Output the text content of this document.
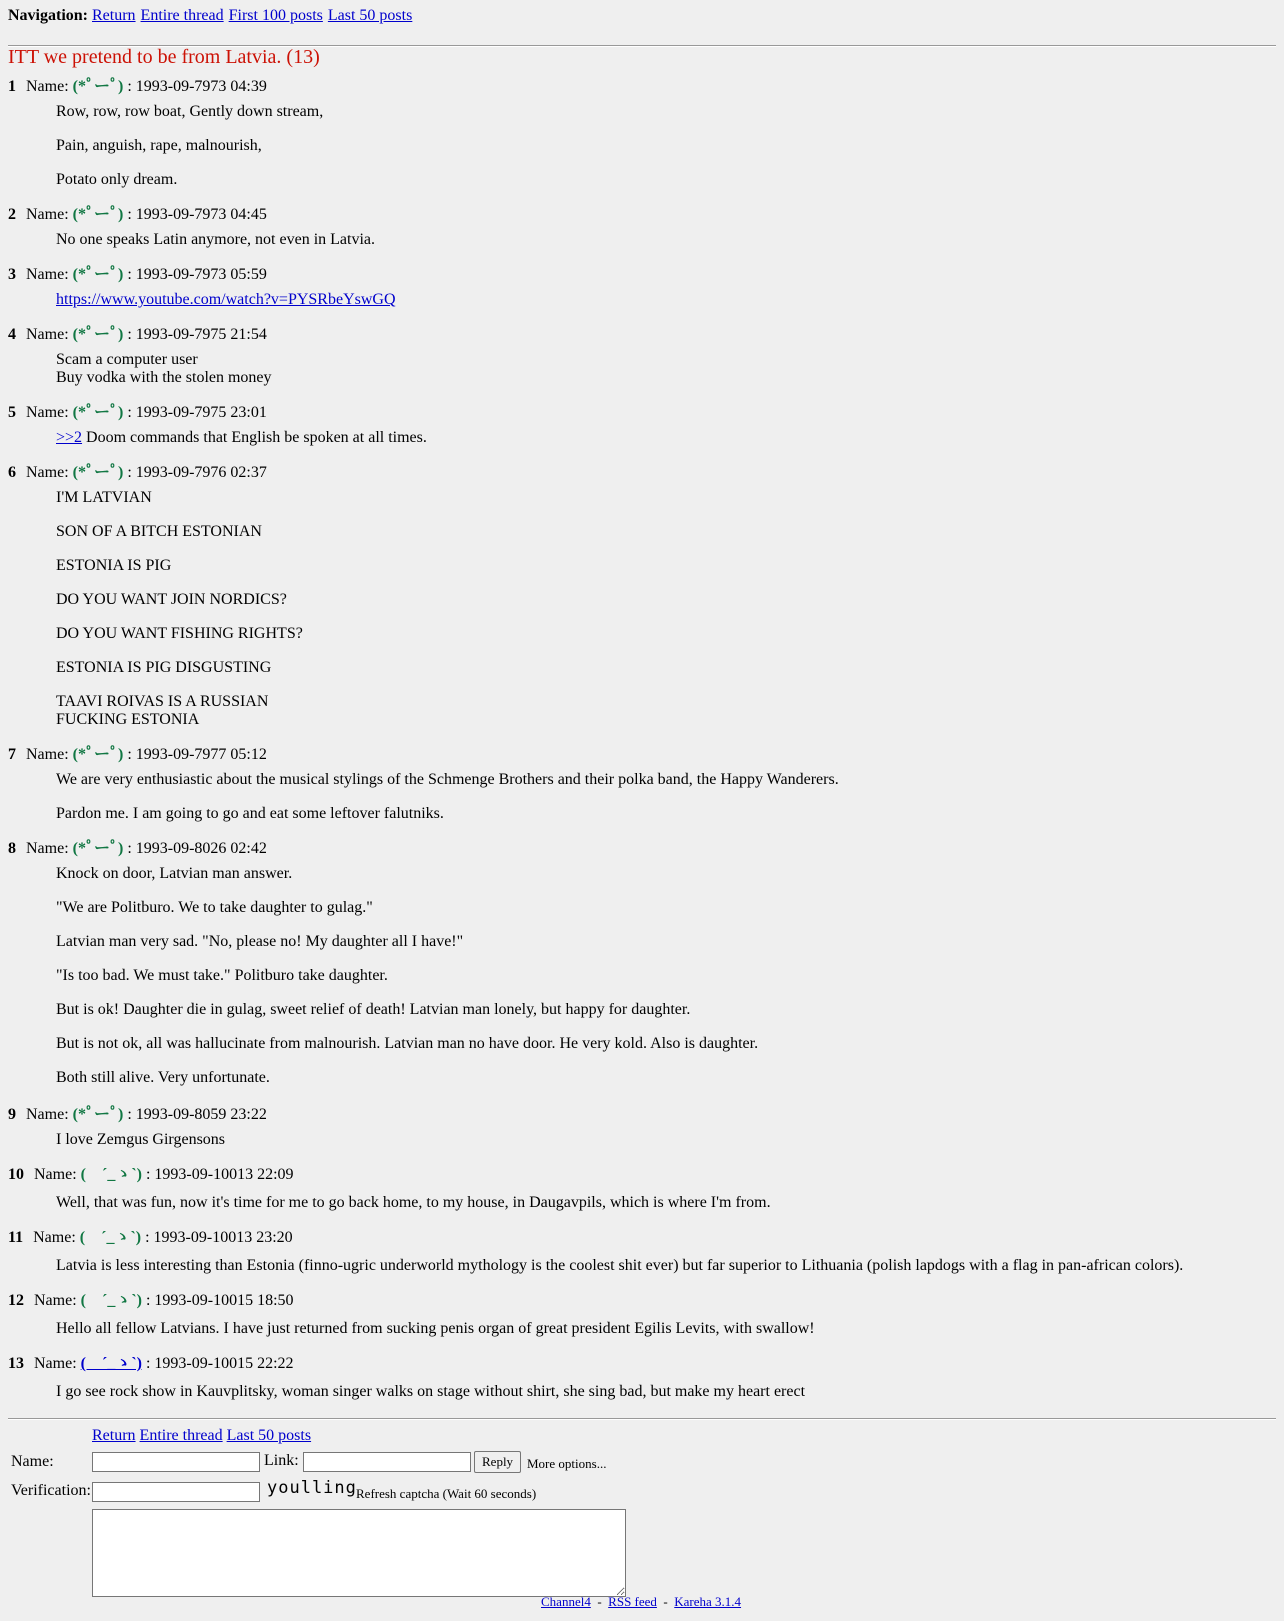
Navigation: Return Entire thread First 100 posts Last 50 posts
ITT we pretend to be from Latvia. (13)
1 Name: (*ﾟーﾟ) : 1993-09-7973 04:39

Row, row, row boat, Gently down stream,

Pain, anguish, rape, malnourish,

Potato only dream.

2 Name: (*ﾟーﾟ) : 1993-09-7973 04:45

No one speaks Latin anymore, not even in Latvia.

3 Name: (*ﾟーﾟ) : 1993-09-7973 05:59

https://www.youtube.com/watch?v=PYSRbeYswGQ

4 Name: (*ﾟーﾟ) : 1993-09-7975 21:54

Scam a computer user

Buy vodka with the stolen money

5 Name: (*ﾟーﾟ) : 1993-09-7975 23:01

>>2 Doom commands that English be spoken at all times.

6 Name: (*ﾟーﾟ) : 1993-09-7976 02:37

I'M LATVIAN

SON OF A BITCH ESTONIAN

ESTONIA IS PIG

DO YOU WANT JOIN NORDICS?

DO YOU WANT FISHING RIGHTS?

ESTONIA IS PIG DISGUSTING

TAAVI ROIVAS IS A RUSSIAN

FUCKING ESTONIA

7 Name: (*ﾟーﾟ) : 1993-09-7977 05:12

We are very enthusiastic about the musical stylings of the Schmenge Brothers and their polka band, the Happy Wanderers.

Pardon me. I am going to go and eat some leftover falutniks.

8 Name: (*ﾟーﾟ) : 1993-09-8026 02:42

Knock on door, Latvian man answer.

"We are Politburo. We to take daughter to gulag."

Latvian man very sad. "No, please no! My daughter all I have!"

"Is too bad. We must take." Politburo take daughter.

But is ok! Daughter die in gulag, sweet relief of death! Latvian man lonely, but happy for daughter.

But is not ok, all was hallucinate from malnourish. Latvian man no have door. He very kold. Also is daughter.

Both still alive. Very unfortunate.

9 Name: (*ﾟーﾟ) : 1993-09-8059 23:22

I love Zemgus Girgensons

10 Name: (　´_ゝ`) : 1993-09-10013 22:09

Well, that was fun, now it's time for me to go back home, to my house, in Daugavpils, which is where I'm from.

11 Name: (　´_ゝ`) : 1993-09-10013 23:20

Latvia is less interesting than Estonia (finno-ugric underworld mythology is the coolest shit ever) but far superior to Lithuania (polish lapdogs with a flag in pan-african colors).

12 Name: (　´_ゝ`) : 1993-09-10015 18:50

Hello all fellow Latvians. I have just returned from sucking penis organ of great president Egilis Levits, with swallow!

13 Name: (　´_ゝ`) : 1993-09-10015 22:22

I go see rock show in Kauvplitsky, woman singer walks on stage without shirt, she sing bad, but make my heart erect

Return Entire thread Last 50 posts
Name:	Link:	Reply	More options...
Verification:	youlling Refresh captcha (Wait 60 seconds)
Channel4 - RSS feed - Kareha 3.1.4
